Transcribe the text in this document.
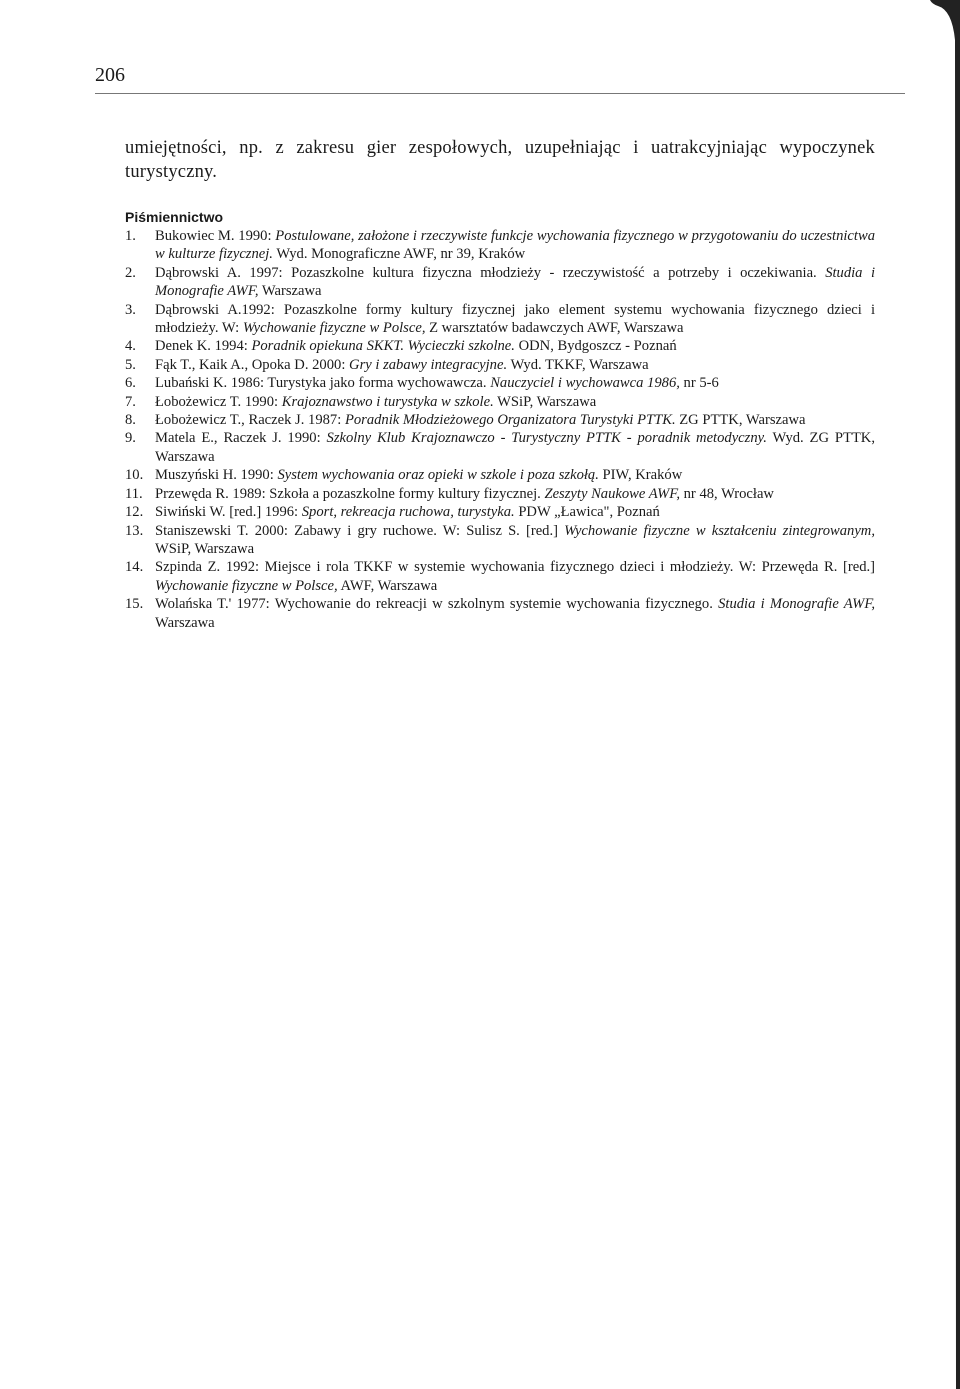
206

umiejętności, np. z zakresu gier zespołowych, uzupełniając i uatrakcyjniając wypoczynek turystyczny.

Piśmiennictwo
1. Bukowiec M. 1990: Postulowane, założone i rzeczywiste funkcje wychowania fizycznego w przygotowaniu do uczestnictwa w kulturze fizycznej. Wyd. Monograficzne AWF, nr 39, Kraków
2. Dąbrowski A. 1997: Pozaszkolne kultura fizyczna młodzieży - rzeczywistość a potrzeby i oczekiwania. Studia i Monografie AWF, Warszawa
3. Dąbrowski A.1992: Pozaszkolne formy kultury fizycznej jako element systemu wychowania fizycznego dzieci i młodzieży. W: Wychowanie fizyczne w Polsce, Z warsztatów badawczych AWF, Warszawa
4. Denek K. 1994: Poradnik opiekuna SKKT. Wycieczki szkolne. ODN, Bydgoszcz - Poznań
5. Fąk T., Kaik A., Opoka D. 2000: Gry i zabawy integracyjne. Wyd. TKKF, Warszawa
6. Lubański K. 1986: Turystyka jako forma wychowawcza. Nauczyciel i wychowawca 1986, nr 5-6
7. Łobożewicz T. 1990: Krajoznawstwo i turystyka w szkole. WSiP, Warszawa
8. Łobożewicz T., Raczek J. 1987: Poradnik Młodzieżowego Organizatora Turystyki PTTK. ZG PTTK, Warszawa
9. Matela E., Raczek J. 1990: Szkolny Klub Krajoznawczo - Turystyczny PTTK - poradnik metodyczny. Wyd. ZG PTTK, Warszawa
10. Muszyński H. 1990: System wychowania oraz opieki w szkole i poza szkołą. PIW, Kraków
11. Przewęda R. 1989: Szkoła a pozaszkolne formy kultury fizycznej. Zeszyty Naukowe AWF, nr 48, Wrocław
12. Siwiński W. [red.] 1996: Sport, rekreacja ruchowa, turystyka. PDW „Ławica", Poznań
13. Staniszewski T. 2000: Zabawy i gry ruchowe. W: Sulisz S. [red.] Wychowanie fizyczne w kształceniu zintegrowanym, WSiP, Warszawa
14. Szpinda Z. 1992: Miejsce i rola TKKF w systemie wychowania fizycznego dzieci i młodzieży. W: Przewęda R. [red.] Wychowanie fizyczne w Polsce, AWF, Warszawa
15. Wolańska T.' 1977: Wychowanie do rekreacji w szkolnym systemie wychowania fizycznego. Studia i Monografie AWF, Warszawa
